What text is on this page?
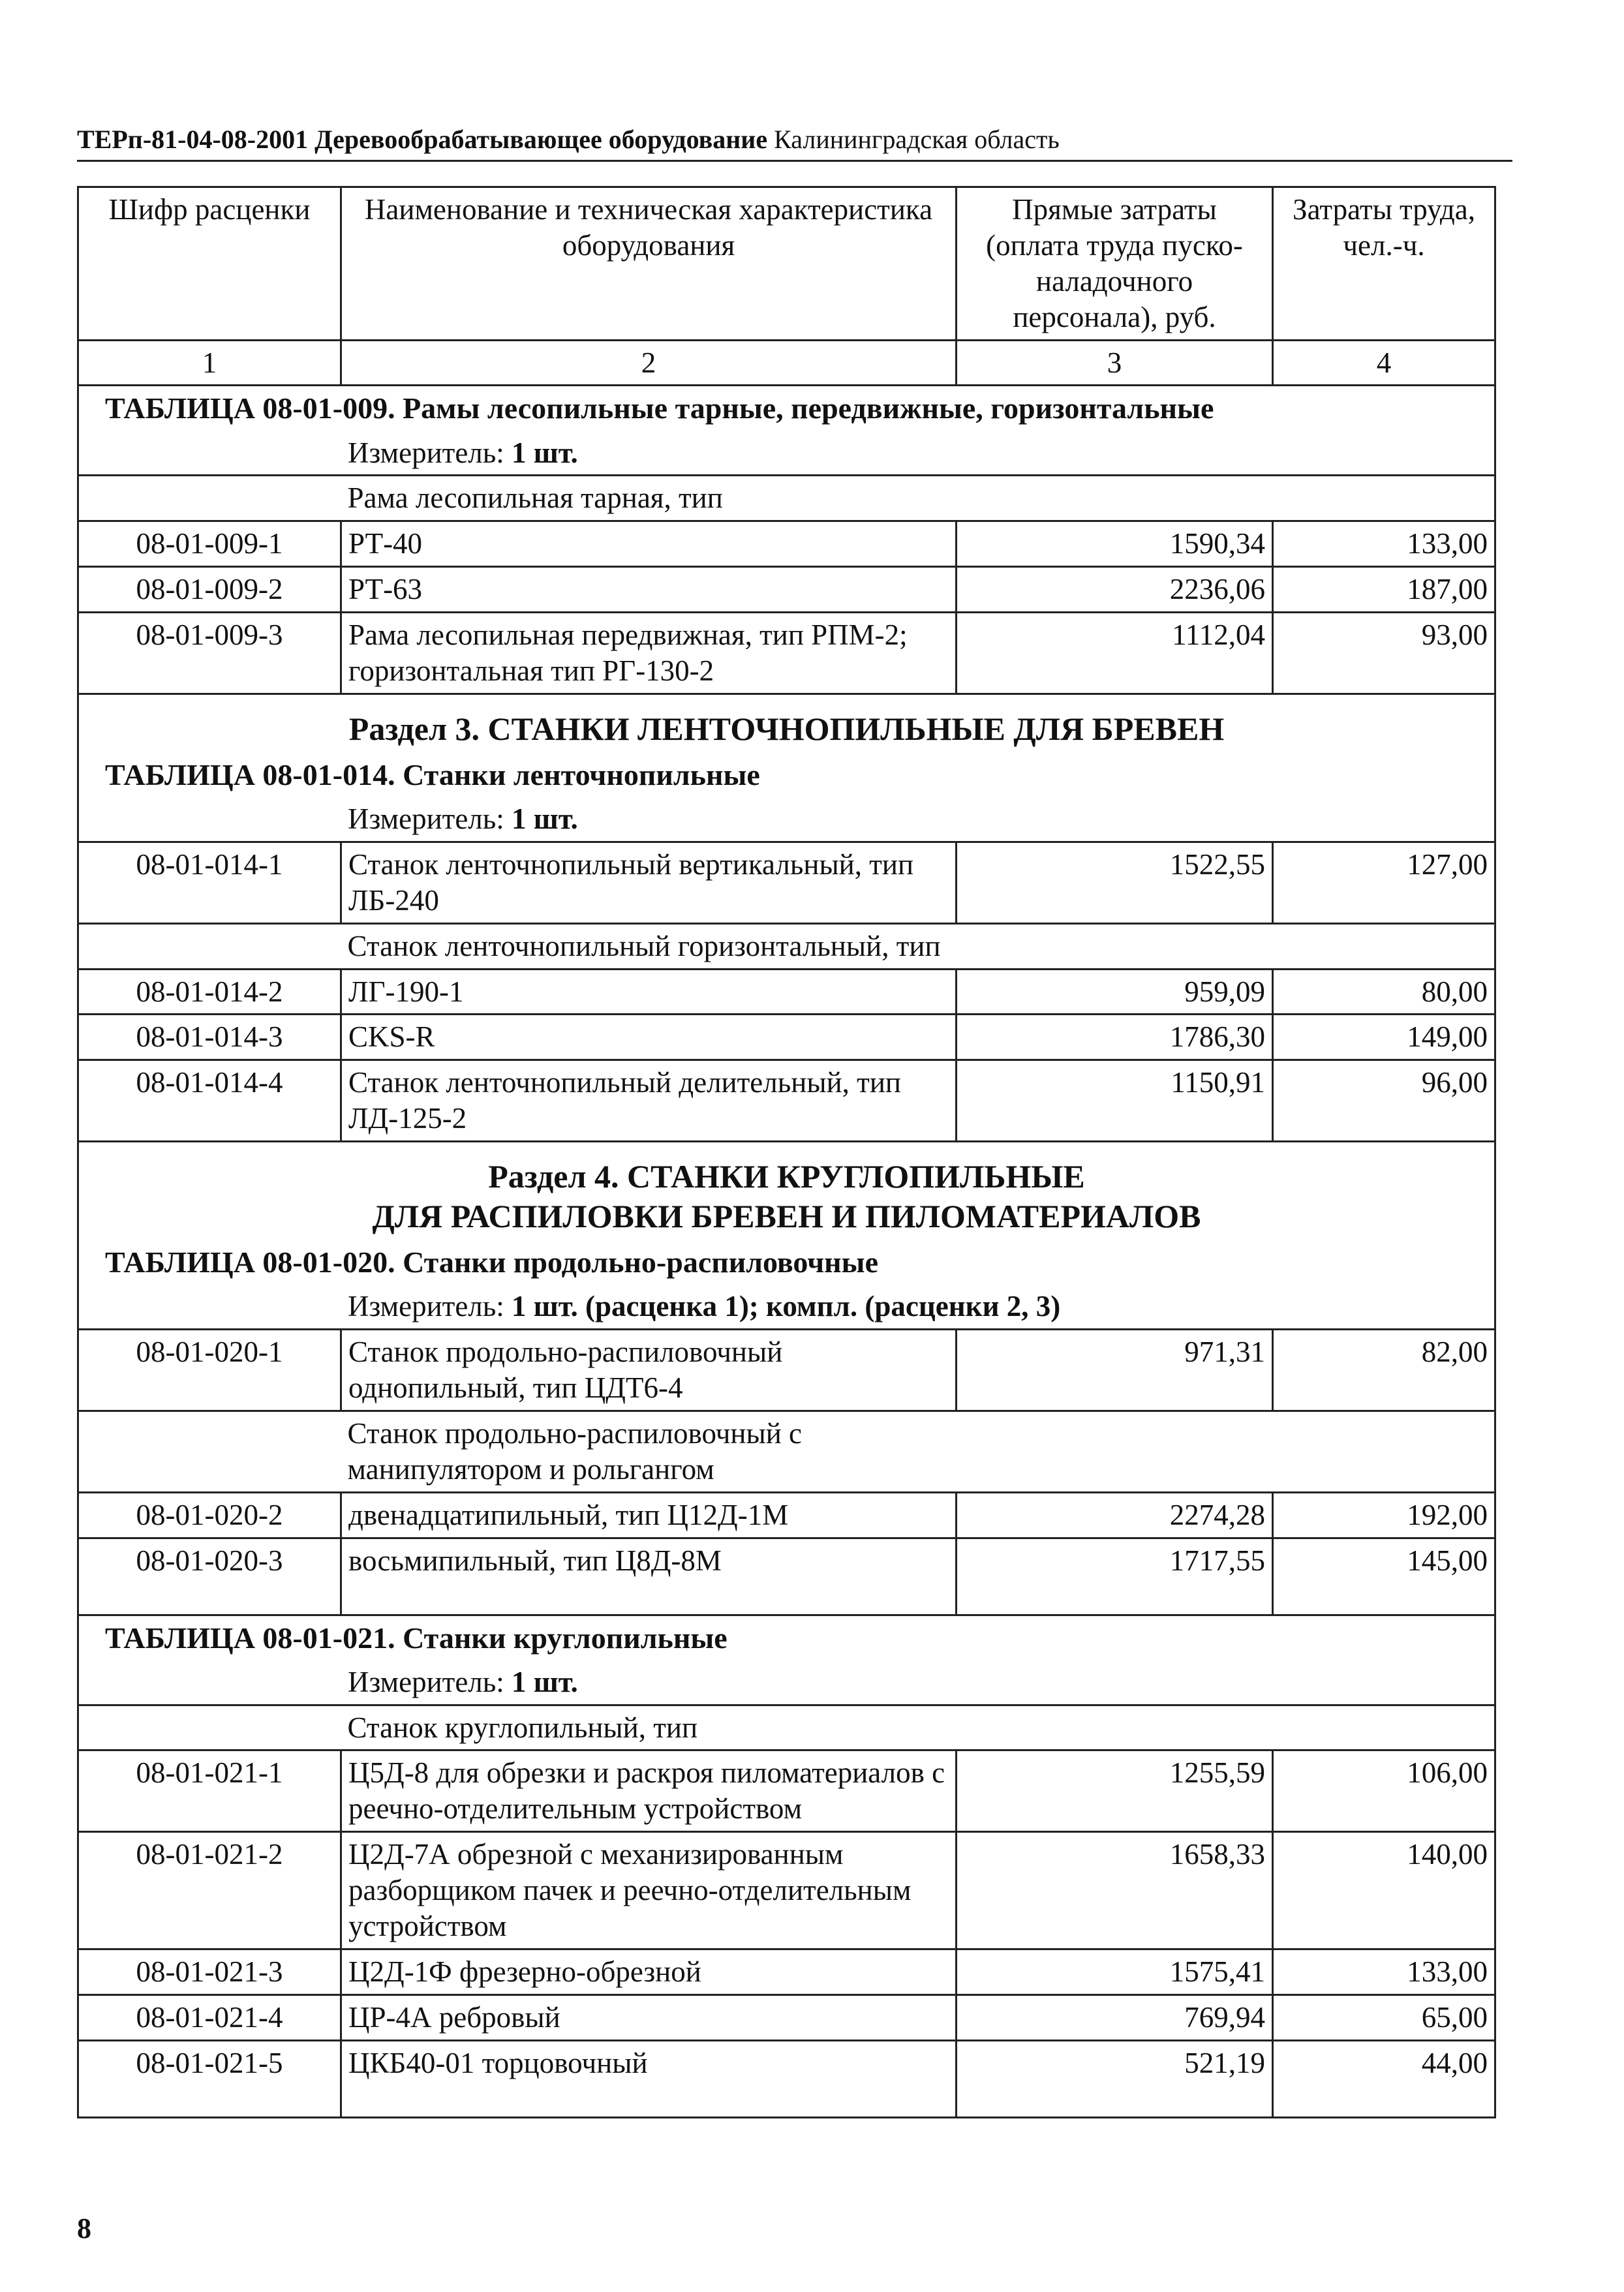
ТЕРп-81-04-08-2001 Деревообрабатывающее оборудование Калининградская область
Шифр расценки	Наименование и техническая характеристика оборудования	Прямые затраты (оплата труда пуско-наладочного персонала), руб.	Затраты труда, чел.-ч.
1	2	3	4
ТАБЛИЦА 08-01-009. Рамы лесопильные тарные, передвижные, горизонтальные			
Измеритель: 1 шт.			
	Рама лесопильная тарная, тип		
08-01-009-1	РТ-40	1590,34	133,00
08-01-009-2	РТ-63	2236,06	187,00
08-01-009-3	Рама лесопильная передвижная, тип РПМ-2; горизонтальная тип РГ-130-2	1112,04	93,00
Раздел 3. СТАНКИ ЛЕНТОЧНОПИЛЬНЫЕ ДЛЯ БРЕВЕН			
ТАБЛИЦА 08-01-014. Станки ленточнопильные			
Измеритель: 1 шт.			
08-01-014-1	Станок ленточнопильный вертикальный, тип ЛБ-240	1522,55	127,00

	Станок ленточнопильный горизонтальный, тип		

08-01-014-2	ЛГ-190-1	959,09	80,00
08-01-014-3	CKS-R	1786,30	149,00
08-01-014-4	Станок ленточнопильный делительный, тип ЛД-125-2	1150,91	96,00

Раздел 4. СТАНКИ КРУГЛОПИЛЬНЫЕ
ДЛЯ РАСПИЛОВКИ БРЕВЕН И ПИЛОМАТЕРИАЛОВ			

ТАБЛИЦА 08-01-020. Станки продольно-распиловочные			
Измеритель: 1 шт. (расценка 1); компл. (расценки 2, 3)			
08-01-020-1	Станок продольно-распиловочный однопильный, тип ЦДТ6-4	971,31	82,00

	Станок продольно-распиловочный с манипулятором и рольгангом		

08-01-020-2	двенадцатипильный, тип Ц12Д-1М	2274,28	192,00
08-01-020-3	восьмипильный, тип Ц8Д-8М	1717,55	145,00
ТАБЛИЦА 08-01-021. Станки круглопильные			
Измеритель: 1 шт.			
	Станок круглопильный, тип		
08-01-021-1	Ц5Д-8 для обрезки и раскроя пиломатериалов с реечно-отделительным устройством	1255,59	106,00
08-01-021-2	Ц2Д-7А обрезной с механизированным разборщиком пачек и реечно-отделительным устройством	1658,33	140,00
08-01-021-3	Ц2Д-1Ф фрезерно-обрезной	1575,41	133,00
08-01-021-4	ЦР-4А ребровый	769,94	65,00
08-01-021-5	ЦКБ40-01 торцовочный	521,19	44,00
8
